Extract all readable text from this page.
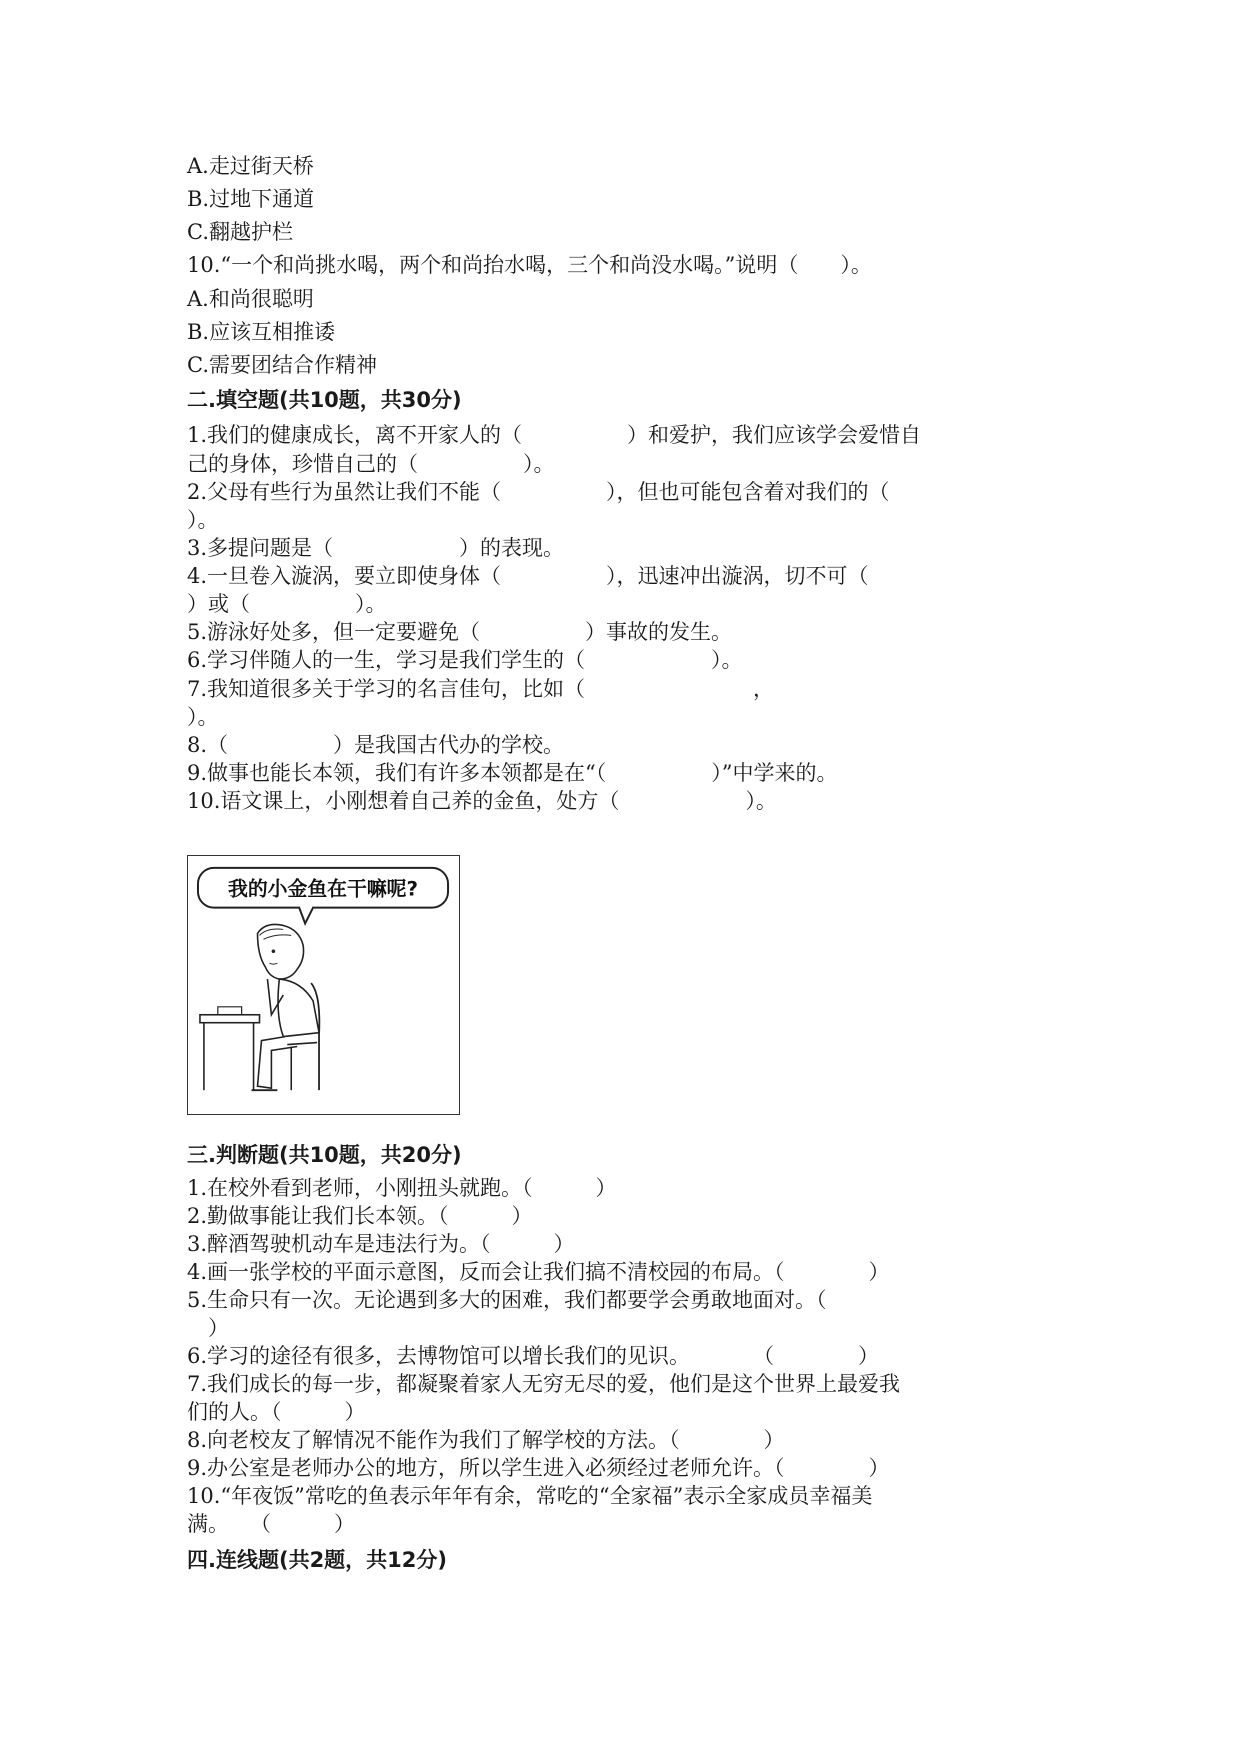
A.走过街天桥
B.过地下通道
C.翻越护栏
10.“一个和尚挑水喝，两个和尚抬水喝，三个和尚没水喝。”说明（　　）。
A.和尚很聪明
B.应该互相推诿
C.需要团结合作精神
二.填空题(共10题，共30分)
1.我们的健康成长，离不开家人的（　　　　　）和爱护，我们应该学会爱惜自
己的身体，珍惜自己的（　　　　　）。
2.父母有些行为虽然让我们不能（　　　　　），但也可能包含着对我们的（
）。
3.多提问题是（　　　　　　）的表现。
4.一旦卷入漩涡，要立即使身体（　　　　　），迅速冲出漩涡，切不可（
）或（　　　　　）。
5.游泳好处多，但一定要避免（　　　　　）事故的发生。
6.学习伴随人的一生，学习是我们学生的（　　　　　　）。
7.我知道很多关于学习的名言佳句，比如（　　　　　　　　，
）。
8.（　　　　　）是我国古代办的学校。
9.做事也能长本领，我们有许多本领都是在“（　　　　　）”中学来的。
10.语文课上，小刚想着自己养的金鱼，处方（　　　　　　）。
我的小金鱼在干嘛呢?
三.判断题(共10题，共20分)
1.在校外看到老师，小刚扭头就跑。（　　　）
2.勤做事能让我们长本领。（　　　）
3.醉酒驾驶机动车是违法行为。（　　　）
4.画一张学校的平面示意图，反而会让我们搞不清校园的布局。（　　　　）
5.生命只有一次。无论遇到多大的困难，我们都要学会勇敢地面对。（
　）
6.学习的途径有很多，去博物馆可以增长我们的见识。　　　　（　　　　）
7.我们成长的每一步，都凝聚着家人无穷无尽的爱，他们是这个世界上最爱我
们的人。（　　　）
8.向老校友了解情况不能作为我们了解学校的方法。（　　　　）
9.办公室是老师办公的地方，所以学生进入必须经过老师允许。（　　　　）
10.“年夜饭”常吃的鱼表示年年有余，常吃的“全家福”表示全家成员幸福美
满。　　（　　　）
四.连线题(共2题，共12分)
